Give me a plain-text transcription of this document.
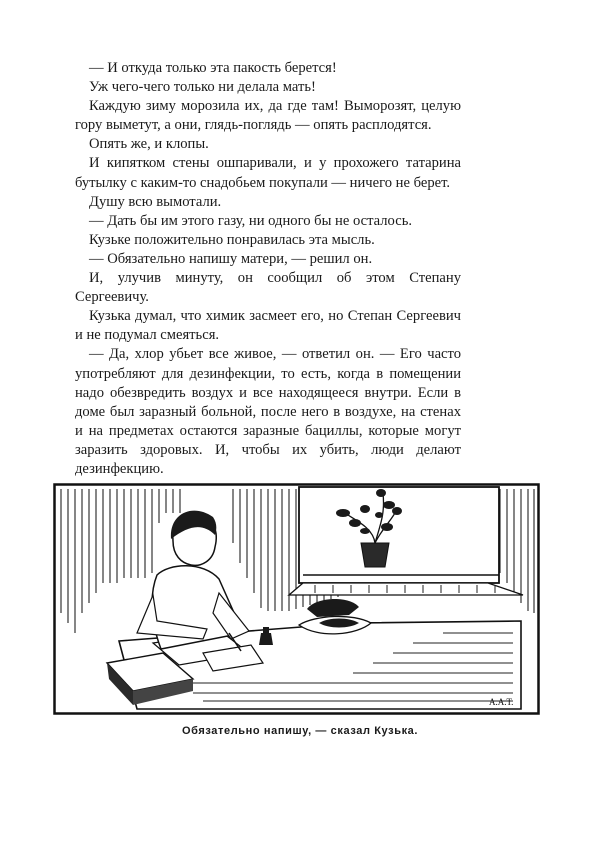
— И откуда только эта пакость берется!

Уж чего-чего только ни делала мать!

Каждую зиму морозила их, да где там! Выморозят, целую гору выметут, а они, глядь-поглядь — опять расплодятся.

Опять же, и клопы.

И кипятком стены ошпаривали, и у прохожего татарина бутылку с каким-то снадобьем покупали — ничего не берет.

Душу всю вымотали.

— Дать бы им этого газу, ни одного бы не осталось.

Кузьке положительно понравилась эта мысль.

— Обязательно напишу матери, — решил он.

И, улучив минуту, он сообщил об этом Степану Сергеевичу.

Кузька думал, что химик засмеет его, но Степан Сергеевич и не подумал смеяться.

— Да, хлор убьет все живое, — ответил он. — Его часто употребляют для дезинфекции, то есть, когда в помещении надо обезвредить воздух и все находящееся внутри. Если в доме был заразный больной, после него в воздухе, на стенах и на предметах остаются заразные бациллы, которые могут заразить здоровых. И, чтобы их убить, люди делают дезинфекцию.

А.А.Т.
Обязательно напишу, — сказал Кузька.
